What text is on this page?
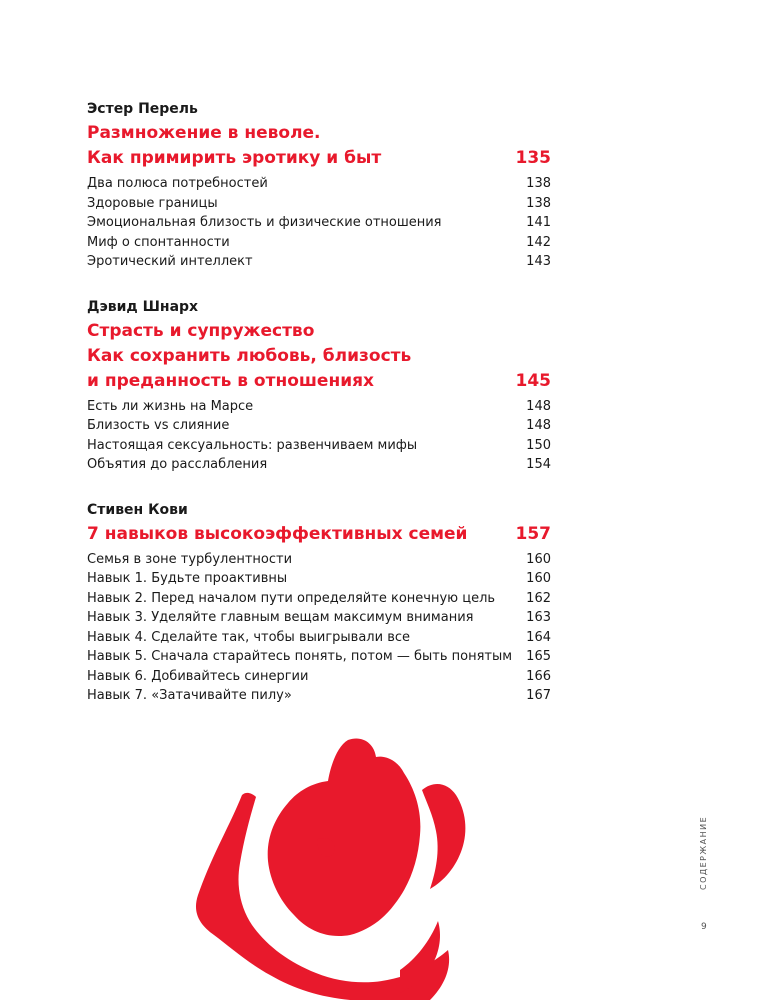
Эстер Перель
Размножение в неволе.
Как примирить эротику и быт	135
Два полюса потребностей	138
Здоровые границы	138
Эмоциональная близость и физические отношения	141
Миф о спонтанности	142
Эротический интеллект	143
Дэвид Шнарх
Страсть и супружество
Как сохранить любовь, близость
и преданность в отношениях	145
Есть ли жизнь на Марсе	148
Близость vs слияние	148
Настоящая сексуальность: развенчиваем мифы	150
Объятия до расслабления	154
Стивен Кови
7 навыков высокоэффективных семей	157
Семья в зоне турбулентности	160
Навык 1. Будьте проактивны	160
Навык 2. Перед началом пути определяйте конечную цель 162
Навык 3. Уделяйте главным вещам максимум внимания	163
Навык 4. Сделайте так, чтобы выигрывали все	164
Навык 5. Сначала старайтесь понять, потом — быть понятым 165
Навык 6. Добивайтесь синергии	166
Навык 7. «Затачивайте пилу»	167
СОДЕРЖАНИЕ
9
